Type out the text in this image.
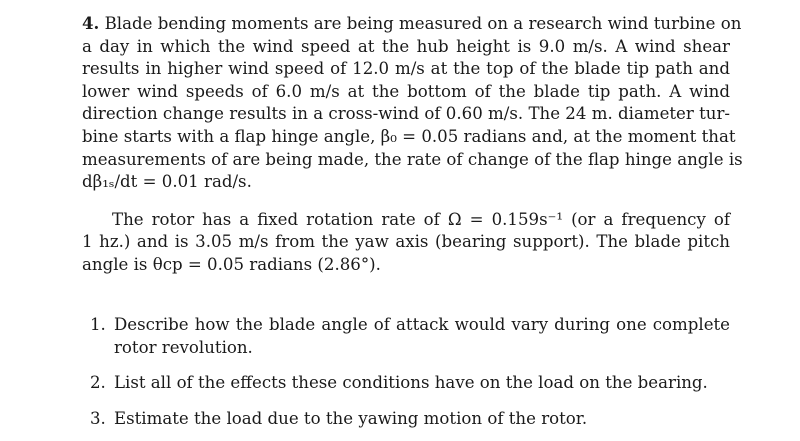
4. Blade bending moments are being measured on a research wind turbine on
a day in which the wind speed at the hub height is 9.0 m/s. A wind shear
results in higher wind speed of 12.0 m/s at the top of the blade tip path and
lower wind speeds of 6.0 m/s at the bottom of the blade tip path. A wind
direction change results in a cross-wind of 0.60 m/s. The 24 m. diameter tur-
bine starts with a flap hinge angle, β₀ = 0.05 radians and, at the moment that
measurements of are being made, the rate of change of the flap hinge angle is
dβ₁ₛ/dt = 0.01 rad/s.

The rotor has a fixed rotation rate of Ω = 0.159s⁻¹ (or a frequency of
1 hz.) and is 3.05 m/s from the yaw axis (bearing support). The blade pitch
angle is θcp = 0.05 radians (2.86°).

1. Describe how the blade angle of attack would vary during one complete
rotor revolution.
2. List all of the effects these conditions have on the load on the bearing.
3. Estimate the load due to the yawing motion of the rotor.
